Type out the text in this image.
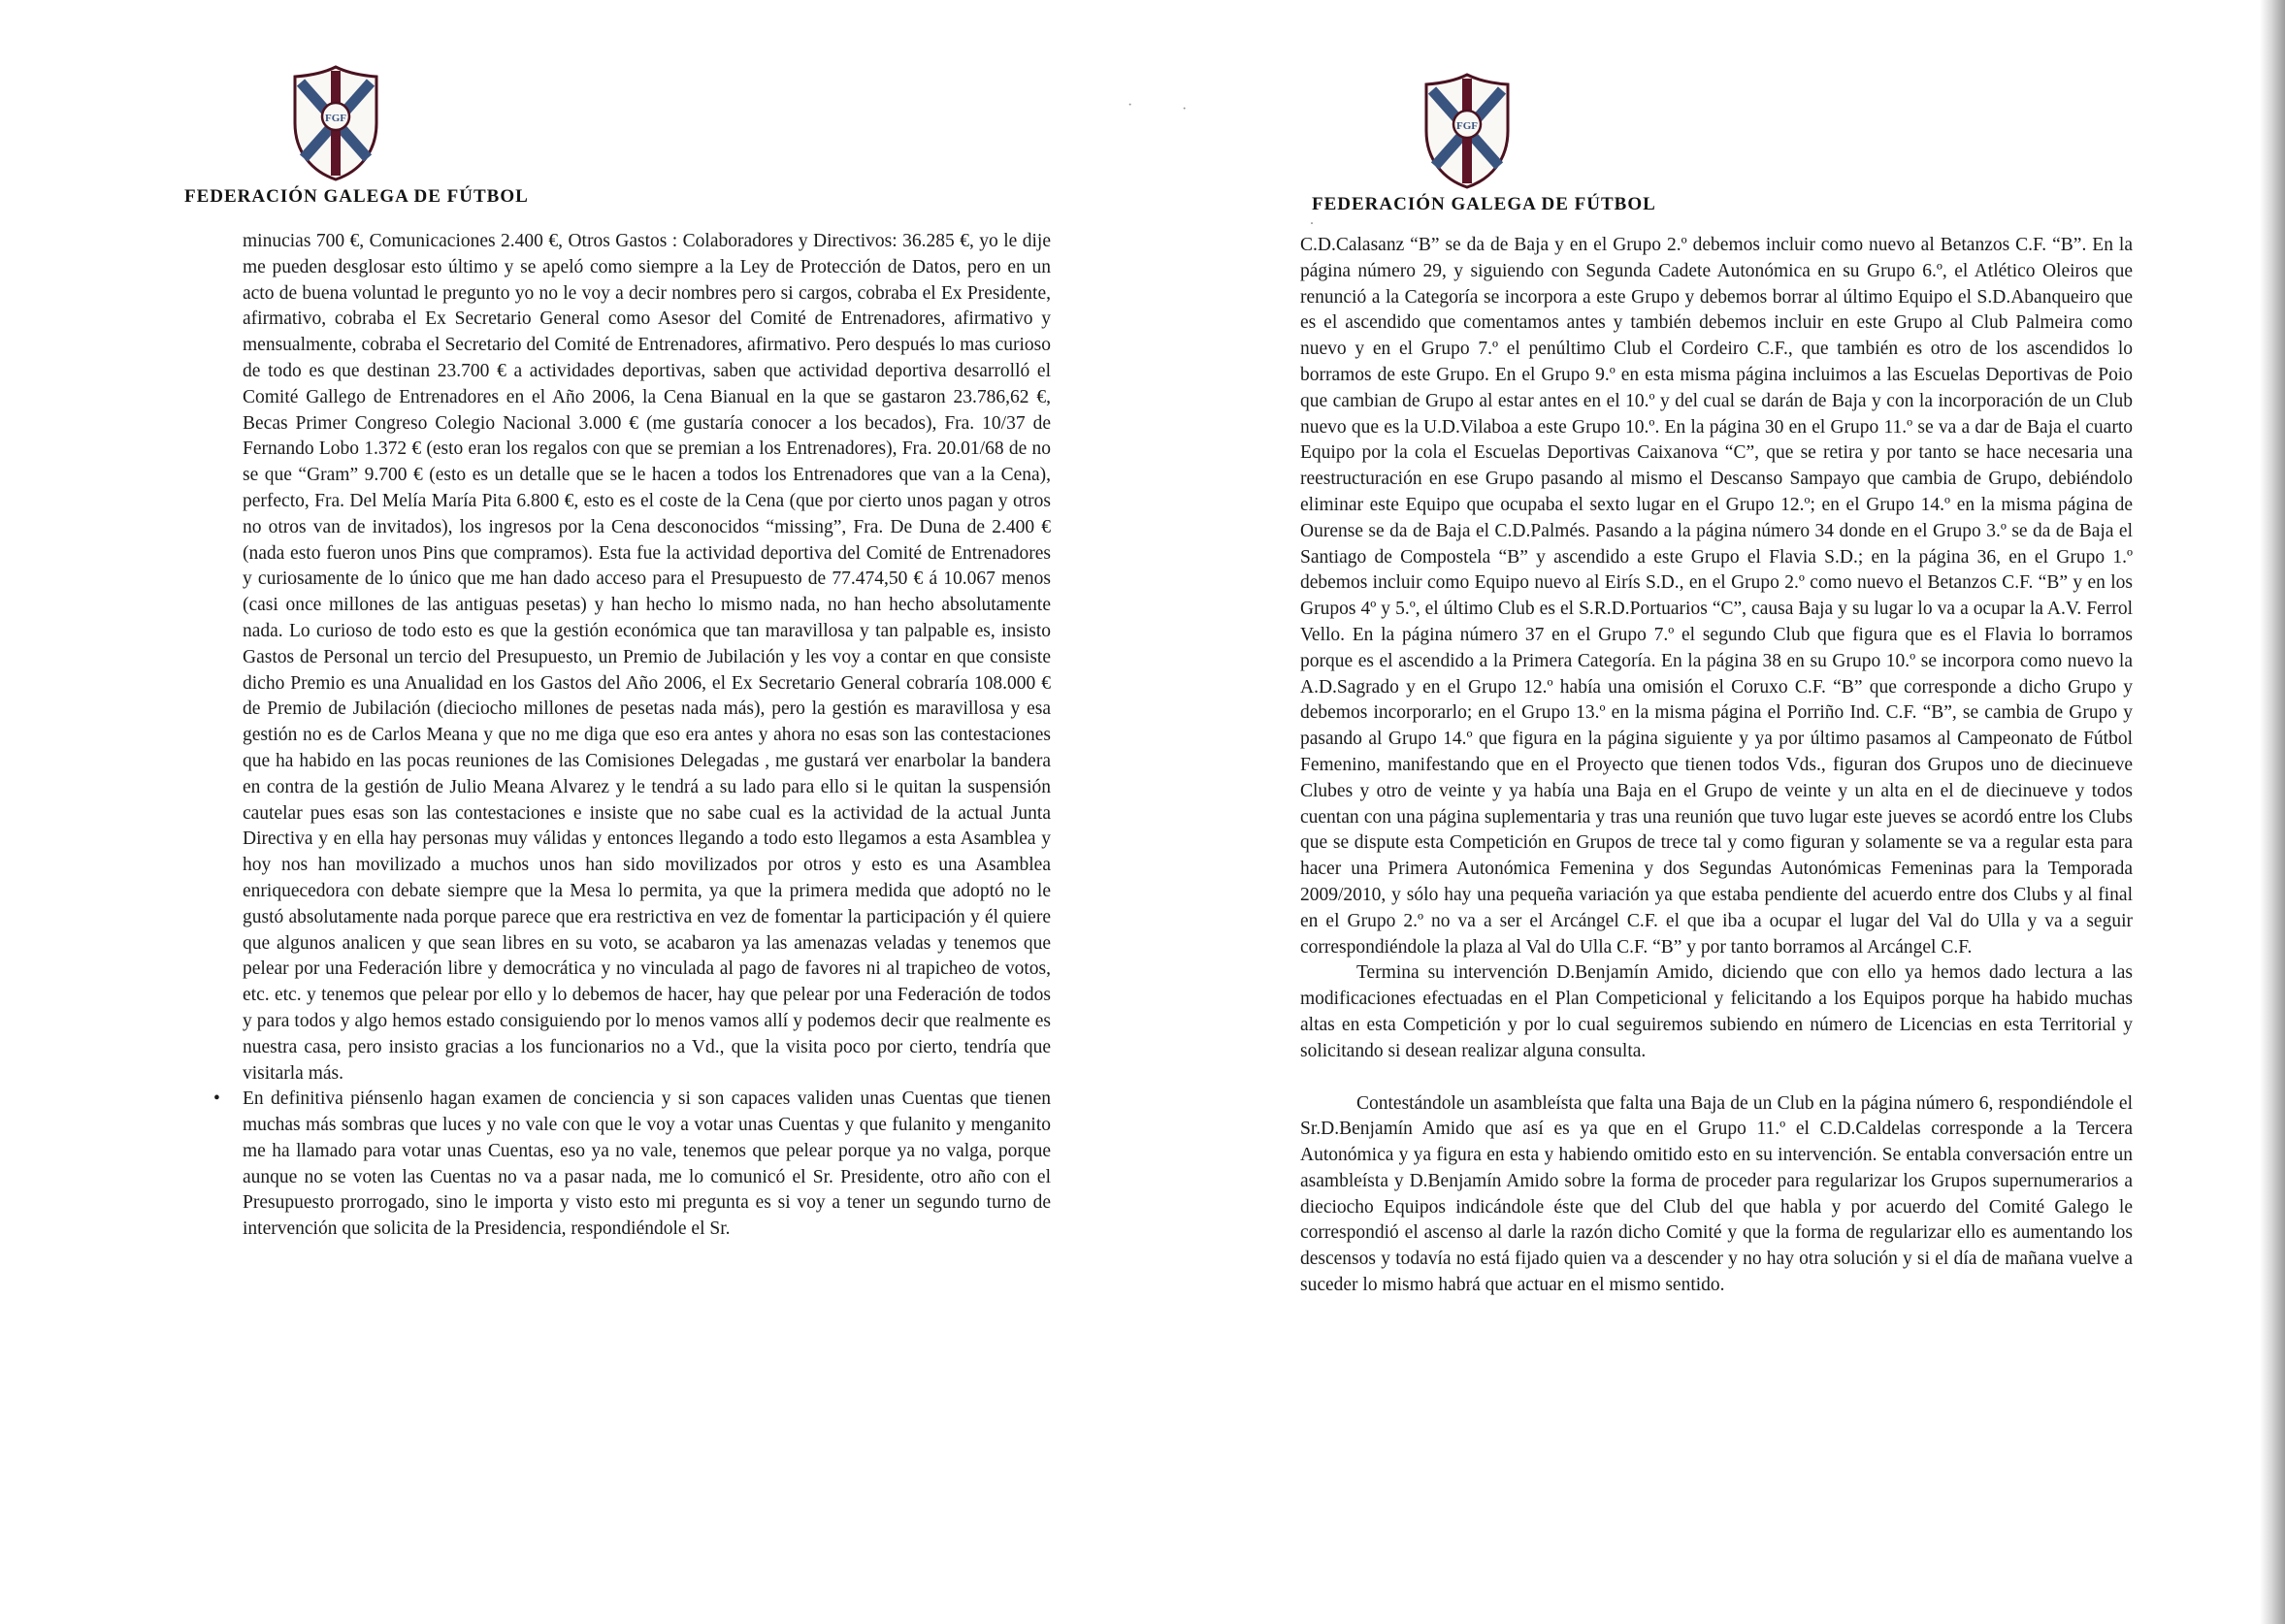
FGF
FEDERACIÓN GALEGA DE FÚTBOL

minucias 700 €, Comunicaciones 2.400 €, Otros Gastos : Colaboradores y Directivos: 36.285 €, yo le dije me pueden desglosar esto último y se apeló como siempre a la Ley de Protección de Datos, pero en un acto de buena voluntad le pregunto yo no le voy a decir nombres pero si cargos, cobraba el Ex Presidente, afirmativo, cobraba el Ex Secretario General como Asesor del Comité de Entrenadores, afirmativo y mensualmente, cobraba el Secretario del Comité de Entrenadores, afirmativo. Pero después lo mas curioso de todo es que destinan 23.700 € a actividades deportivas, saben que actividad deportiva desarrolló el Comité Gallego de Entrenadores en el Año 2006, la Cena Bianual en la que se gastaron 23.786,62 €, Becas Primer Congreso Colegio Nacional 3.000 € (me gustaría conocer a los becados), Fra. 10/37 de Fernando Lobo 1.372 € (esto eran los regalos con que se premian a los Entrenadores), Fra. 20.01/68 de no se que “Gram” 9.700 € (esto es un detalle que se le hacen a todos los Entrenadores que van a la Cena), perfecto, Fra. Del Melía María Pita 6.800 €, esto es el coste de la Cena (que por cierto unos pagan y otros no otros van de invitados), los ingresos por la Cena desconocidos “missing”, Fra. De Duna de 2.400 € (nada esto fueron unos Pins que compramos). Esta fue la actividad deportiva del Comité de Entrenadores y curiosamente de lo único que me han dado acceso para el Presupuesto de 77.474,50 € á 10.067 menos (casi once millones de las antiguas pesetas) y han hecho lo mismo nada, no han hecho absolutamente nada. Lo curioso de todo esto es que la gestión económica que tan maravillosa y tan palpable es, insisto Gastos de Personal un tercio del Presupuesto, un Premio de Jubilación y les voy a contar en que consiste dicho Premio es una Anualidad en los Gastos del Año 2006, el Ex Secretario General cobraría 108.000 € de Premio de Jubilación (dieciocho millones de pesetas nada más), pero la gestión es maravillosa y esa gestión no es de Carlos Meana y que no me diga que eso era antes y ahora no esas son las contestaciones que ha habido en las pocas reuniones de las Comisiones Delegadas , me gustará ver enarbolar la bandera en contra de la gestión de Julio Meana Alvarez y le tendrá a su lado para ello si le quitan la suspensión cautelar pues esas son las contestaciones e insiste que no sabe cual es la actividad de la actual Junta Directiva y en ella hay personas muy válidas y entonces llegando a todo esto llegamos a esta Asamblea y hoy nos han movilizado a muchos unos han sido movilizados por otros y esto es una Asamblea enriquecedora con debate siempre que la Mesa lo permita, ya que la primera medida que adoptó no le gustó absolutamente nada porque parece que era restrictiva en vez de fomentar la participación y él quiere que algunos analicen y que sean libres en su voto, se acabaron ya las amenazas veladas y tenemos que pelear por una Federación libre y democrática y no vinculada al pago de favores ni al trapicheo de votos, etc. etc. y tenemos que pelear por ello y lo debemos de hacer, hay que pelear por una Federación de todos y para todos y algo hemos estado consiguiendo por lo menos vamos allí y podemos decir que realmente es nuestra casa, pero insisto gracias a los funcionarios no a Vd., que la visita poco por cierto, tendría que visitarla más.

• En definitiva piénsenlo hagan examen de conciencia y si son capaces validen unas Cuentas que tienen muchas más sombras que luces y no vale con que le voy a votar unas Cuentas y que fulanito y menganito me ha llamado para votar unas Cuentas, eso ya no vale, tenemos que pelear porque ya no valga, porque aunque no se voten las Cuentas no va a pasar nada, me lo comunicó el Sr. Presidente, otro año con el Presupuesto prorrogado, sino le importa y visto esto mi pregunta es si voy a tener un segundo turno de intervención que solicita de la Presidencia, respondiéndole el Sr.

FGF
FEDERACIÓN GALEGA DE FÚTBOL

C.D.Calasanz “B” se da de Baja y en el Grupo 2.º debemos incluir como nuevo al Betanzos C.F. “B”. En la página número 29, y siguiendo con Segunda Cadete Autonómica en su Grupo 6.º, el Atlético Oleiros que renunció a la Categoría se incorpora a este Grupo y debemos borrar al último Equipo el S.D.Abanqueiro que es el ascendido que comentamos antes y también debemos incluir en este Grupo al Club Palmeira como nuevo y en el Grupo 7.º el penúltimo Club el Cordeiro C.F., que también es otro de los ascendidos lo borramos de este Grupo. En el Grupo 9.º en esta misma página incluimos a las Escuelas Deportivas de Poio que cambian de Grupo al estar antes en el 10.º y del cual se darán de Baja y con la incorporación de un Club nuevo que es la U.D.Vilaboa a este Grupo 10.º. En la página 30 en el Grupo 11.º se va a dar de Baja el cuarto Equipo por la cola el Escuelas Deportivas Caixanova “C”, que se retira y por tanto se hace necesaria una reestructuración en ese Grupo pasando al mismo el Descanso Sampayo que cambia de Grupo, debiéndolo eliminar este Equipo que ocupaba el sexto lugar en el Grupo 12.º; en el Grupo 14.º en la misma página de Ourense se da de Baja el C.D.Palmés. Pasando a la página número 34 donde en el Grupo 3.º se da de Baja el Santiago de Compostela “B” y ascendido a este Grupo el Flavia S.D.; en la página 36, en el Grupo 1.º debemos incluir como Equipo nuevo al Eirís S.D., en el Grupo 2.º como nuevo el Betanzos C.F. “B” y en los Grupos 4º y 5.º, el último Club es el S.R.D.Portuarios “C”, causa Baja y su lugar lo va a ocupar la A.V. Ferrol Vello. En la página número 37 en el Grupo 7.º el segundo Club que figura que es el Flavia lo borramos porque es el ascendido a la Primera Categoría. En la página 38 en su Grupo 10.º se incorpora como nuevo la A.D.Sagrado y en el Grupo 12.º había una omisión el Coruxo C.F. “B” que corresponde a dicho Grupo y debemos incorporarlo; en el Grupo 13.º en la misma página el Porriño Ind. C.F. “B”, se cambia de Grupo y pasando al Grupo 14.º que figura en la página siguiente y ya por último pasamos al Campeonato de Fútbol Femenino, manifestando que en el Proyecto que tienen todos Vds., figuran dos Grupos uno de diecinueve Clubes y otro de veinte y ya había una Baja en el Grupo de veinte y un alta en el de diecinueve y todos cuentan con una página suplementaria y tras una reunión que tuvo lugar este jueves se acordó entre los Clubs que se dispute esta Competición en Grupos de trece tal y como figuran y solamente se va a regular esta para hacer una Primera Autonómica Femenina y dos Segundas Autonómicas Femeninas para la Temporada 2009/2010, y sólo hay una pequeña variación ya que estaba pendiente del acuerdo entre dos Clubs y al final en el Grupo 2.º no va a ser el Arcángel C.F. el que iba a ocupar el lugar del Val do Ulla y va a seguir correspondiéndole la plaza al Val do Ulla C.F. “B” y por tanto borramos al Arcángel C.F.

Termina su intervención D.Benjamín Amido, diciendo que con ello ya hemos dado lectura a las modificaciones efectuadas en el Plan Competicional y felicitando a los Equipos porque ha habido muchas altas en esta Competición y por lo cual seguiremos subiendo en número de Licencias en esta Territorial y solicitando si desean realizar alguna consulta.

Contestándole un asambleísta que falta una Baja de un Club en la página número 6, respondiéndole el Sr.D.Benjamín Amido que así es ya que en el Grupo 11.º el C.D.Caldelas corresponde a la Tercera Autonómica y ya figura en esta y habiendo omitido esto en su intervención. Se entabla conversación entre un asambleísta y D.Benjamín Amido sobre la forma de proceder para regularizar los Grupos supernumerarios a dieciocho Equipos indicándole éste que del Club del que habla y por acuerdo del Comité Galego le correspondió el ascenso al darle la razón dicho Comité y que la forma de regularizar ello es aumentando los descensos y todavía no está fijado quien va a descender y no hay otra solución y si el día de mañana vuelve a suceder lo mismo habrá que actuar en el mismo sentido.

·	·
.
